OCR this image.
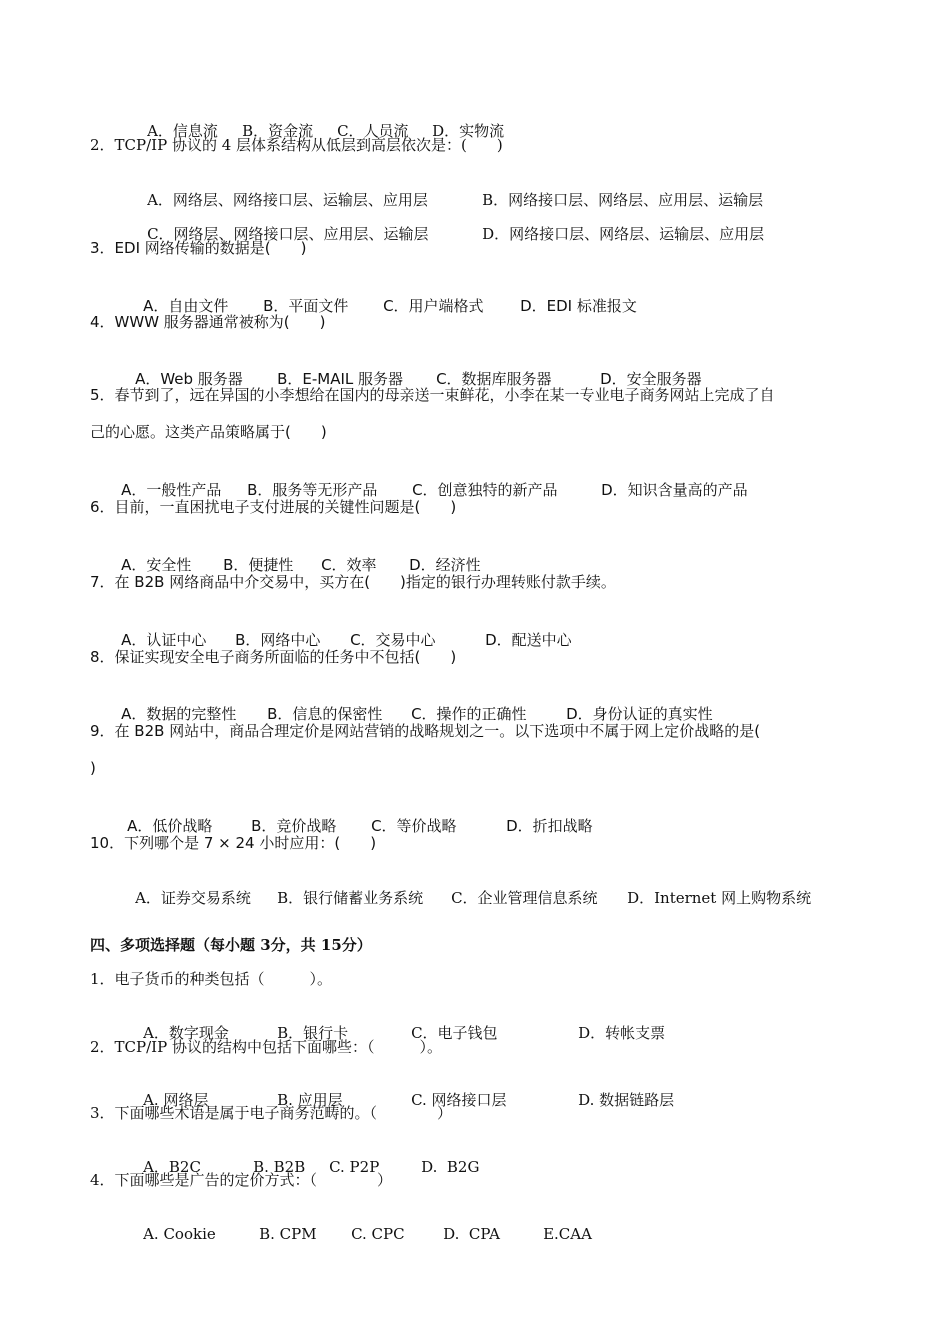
A．信息流 B．资金流 C．人员流 D．实物流

2．TCP/IP 协议的 4 层体系结构从低层到高层依次是：(　　)

A．网络层、网络接口层、运输层、应用层	B．网络接口层、网络层、应用层、运输层

C．网络层、网络接口层、应用层、运输层	D．网络接口层、网络层、运输层、应用层

3．EDI 网络传输的数据是(　　)

A．自由文件 B．平面文件 C．用户端格式 D．EDI 标准报文

4．WWW 服务器通常被称为(　　)

A．Web 服务器 B．E-MAIL 服务器 C．数据库服务器	D．安全服务器

5．春节到了，远在异国的小李想给在国内的母亲送一束鲜花，小李在某一专业电子商务网站上完成了自
己的心愿。这类产品策略属于(　　)

A．一般性产品 B．服务等无形产品 C．创意独特的新产品	D．知识含量高的产品

6．目前，一直困扰电子支付进展的关键性问题是(　　)

A．安全性 B．便捷性 C．效率 D．经济性

7．在 B2B 网络商品中介交易中，买方在(　　)指定的银行办理转账付款手续。

A．认证中心 B．网络中心 C．交易中心	D．配送中心

8．保证实现安全电子商务所面临的任务中不包括(　　)

A．数据的完整性 B．信息的保密性 C．操作的正确性	D．身份认证的真实性

9．在 B2B 网站中，商品合理定价是网站营销的战略规划之一。以下选项中不属于网上定价战略的是(
)

A．低价战略	B．竞价战略 C．等价战略	D．折扣战略

10．下列哪个是 7 × 24 小时应用：(　　)

A．证券交易系统 B．银行储蓄业务系统 C．企业管理信息系统 D．Internet 网上购物系统

四、多项选择题（每小题 3分，共 15分）
1．电子货币的种类包括（　　　）。

A．数字现金	B．银行卡	C．电子钱包	D．转帐支票

2．TCP/IP 协议的结构中包括下面哪些：（　　　）。

A. 网络层	B. 应用层	C. 网络接口层	D. 数据链路层

3．下面哪些术语是属于电子商务范畴的。（　　　　）

A．B2C	B. B2B C. P2P	D.  B2G

4．下面哪些是广告的定价方式：（　　　　）

A. Cookie	B. CPM C. CPC	D.  CPA	E.CAA
